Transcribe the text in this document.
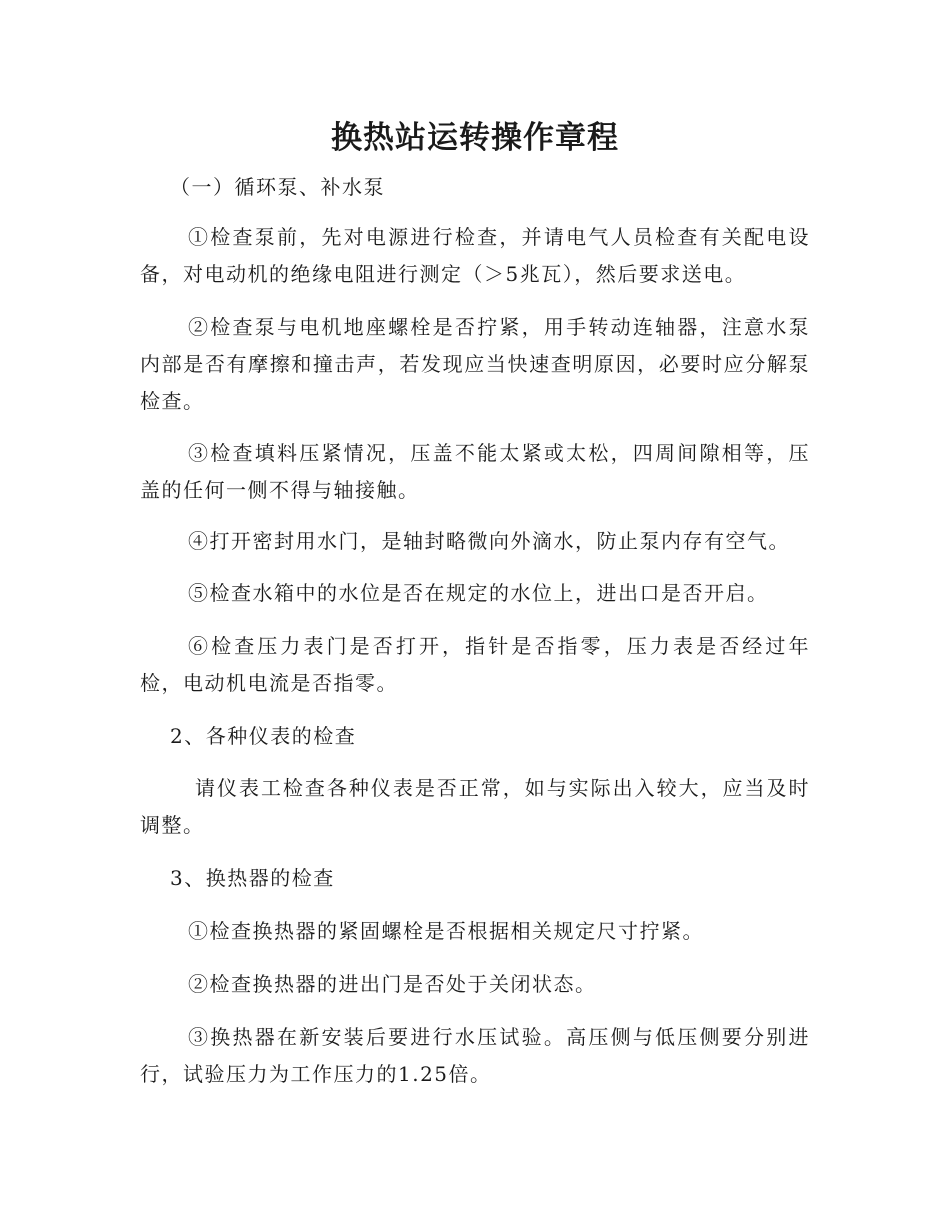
换热站运转操作章程

（一）循环泵、补水泵

①检查泵前，先对电源进行检查，并请电气人员检查有关配电设备，对电动机的绝缘电阻进行测定（＞5兆瓦），然后要求送电。

②检查泵与电机地座螺栓是否拧紧，用手转动连轴器，注意水泵内部是否有摩擦和撞击声，若发现应当快速查明原因，必要时应分解泵检查。

③检查填料压紧情况，压盖不能太紧或太松，四周间隙相等，压盖的任何一侧不得与轴接触。

④打开密封用水门，是轴封略微向外滴水，防止泵内存有空气。

⑤检查水箱中的水位是否在规定的水位上，进出口是否开启。

⑥检查压力表门是否打开，指针是否指零，压力表是否经过年检，电动机电流是否指零。

2、各种仪表的检查

请仪表工检查各种仪表是否正常，如与实际出入较大，应当及时调整。

3、换热器的检查

①检查换热器的紧固螺栓是否根据相关规定尺寸拧紧。

②检查换热器的进出门是否处于关闭状态。

③换热器在新安装后要进行水压试验。高压侧与低压侧要分别进行，试验压力为工作压力的1.25倍。
